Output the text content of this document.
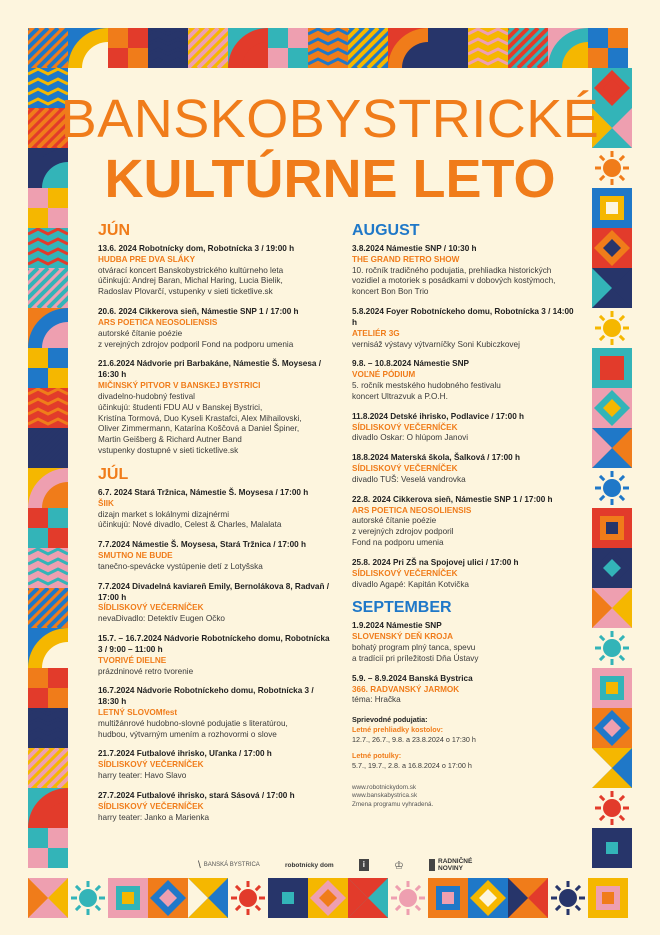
BANSKOBYSTRICKÉ
KULTÚRNE LETO
JÚN
13.6. 2024 Robotnícky dom, Robotnícka 3 / 19:00 h
HUDBA PRE DVA SLÁKY
otvárací koncert Banskobystrického kultúrneho leta
účinkujú: Andrej Baran, Michal Haring, Lucia Bielik,
Radoslav Plovarčí, vstupenky v sieti ticketlive.sk
20.6. 2024 Cikkerova sieň, Námestie SNP 1 / 17:00 h
ARS POETICA NEOSOLIENSIS
autorské čítanie poézie
z verejných zdrojov podporil Fond na podporu umenia
21.6.2024 Nádvorie pri Barbakáne, Námestie Š. Moysesa / 16:30 h
MIČINSKÝ PITVOR V BANSKEJ BYSTRICI
divadelno-hudobný festival
účinkujú: študenti FDU AU v Banskej Bystrici,
Kristína Tormová, Duo Kyseli Krastafci, Alex Mihailovski,
Oliver Zimmermann, Katarína Koščová a Daniel Špiner,
Martin Geišberg & Richard Autner Band
vstupenky dostupné v sieti ticketlive.sk
JÚL
6.7. 2024 Stará Tržnica, Námestie Š. Moysesa / 17:00 h
ŠIIK
dizajn market s lokálnymi dizajnérmi
účinkujú: Nové divadlo, Celest & Charles, Malalata
7.7.2024 Námestie Š. Moysesa, Stará Tržnica / 17:00 h
SMUTNO NE BUDE
tanečno-spevácke vystúpenie detí z Lotyšska
7.7.2024 Divadelná kaviareň Emily, Bernolákova 8, Radvaň / 17:00 h
SÍDLISKOVÝ VEČERNÍČEK
nevaDivadlo: Detektív Eugen Očko
15.7. – 16.7.2024 Nádvorie Robotníckeho domu, Robotnícka 3 / 9:00 – 11:00 h
TVORIVÉ DIELNE
prázdninové retro tvorenie
16.7.2024 Nádvorie Robotníckeho domu, Robotnícka 3 / 18:30 h
LETNÝ SLOVOMfest
multižánrové hudobno-slovné podujatie s literatúrou,
hudbou, výtvarným umením a rozhovormi o slove
21.7.2024 Futbalové ihrisko, Uľanka / 17:00 h
SÍDLISKOVÝ VEČERNÍČEK
harry teater: Havo Slavo
27.7.2024 Futbalové ihrisko, stará Sásová / 17:00 h
SÍDLISKOVÝ VEČERNÍČEK
harry teater: Janko a Marienka
AUGUST
3.8.2024 Námestie SNP / 10:30 h
THE GRAND RETRO SHOW
10. ročník tradičného podujatia, prehliadka historických
vozidiel a motoriek s posádkami v dobových kostýmoch,
koncert Bon Bon Trio
5.8.2024 Foyer Robotníckeho domu, Robotnícka 3 / 14:00 h
ATELIÉR 3G
vernisáž výstavy výtvarníčky Soni Kubiczkovej
9.8. – 10.8.2024 Námestie SNP
VOĽNÉ PÓDIUM
5. ročník mestského hudobného festivalu
koncert Ultrazvuk a P.O.H.
11.8.2024 Detské ihrisko, Podlavice / 17:00 h
SÍDLISKOVÝ VEČERNÍČEK
divadlo Oskar: O hlúpom Janovi
18.8.2024 Materská škola, Šalková / 17:00 h
SÍDLISKOVÝ VEČERNÍČEK
divadlo TUŠ: Veselá vandrovka
22.8. 2024 Cikkerova sieň, Námestie SNP 1 / 17:00 h
ARS POETICA NEOSOLIENSIS
autorské čítanie poézie
z verejných zdrojov podporil
Fond na podporu umenia
25.8. 2024 Pri ZŠ na Spojovej ulici / 17:00 h
SÍDLISKOVÝ VEČERNÍČEK
divadlo Agapé: Kapitán Kotvička
SEPTEMBER
1.9.2024 Námestie SNP
SLOVENSKÝ DEŇ KROJA
bohatý program plný tanca, spevu
a tradícií pri príležitosti Dňa Ústavy
5.9. – 8.9.2024 Banská Bystrica
366. RADVANSKÝ JARMOK
téma: Hračka
Sprievodné podujatia:
Letné prehliadky kostolov:
12.7., 26.7., 9.8. a 23.8.2024 o 17:30 h
Letné potulky:
5.7., 19.7., 2.8. a 16.8.2024 o 17:00 h
www.robotnickydom.sk
www.banskabystrica.sk
Zmena programu vyhradená.
\ BANSKÁ BYSTRICA	robotnícky dom	i	♔	RADNIČNÉ NOVINY
